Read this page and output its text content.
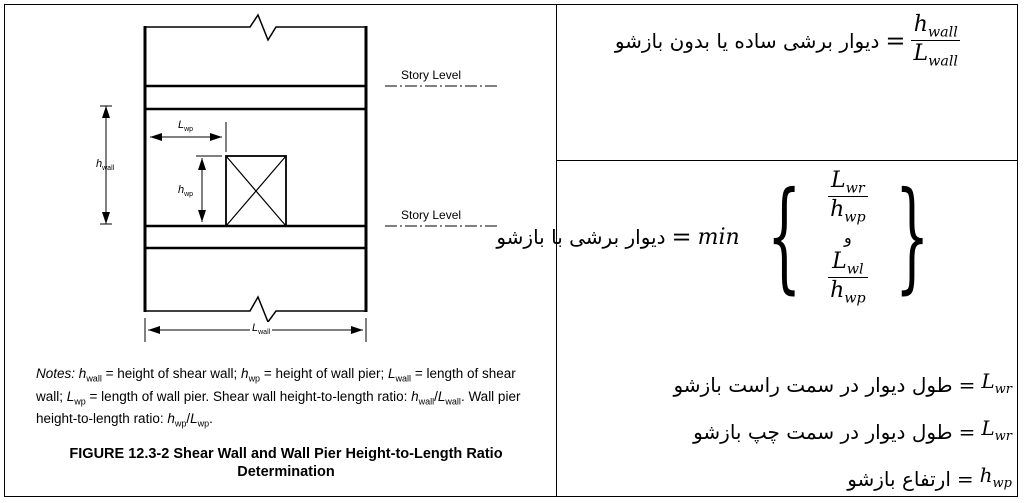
Story Level
Story Level
$h_{wall}$
$L_{wp}$
$h_{wp}$
$L_{wall}$
Notes: $h_{wall}$ = height of shear wall; $h_{wp}$ = height of wall pier; $L_{wall}$ = length of shear wall; $L_{wp}$ = length of wall pier. Shear wall height-to-length ratio: $h_{wall}/L_{wall}$. Wall pier height-to-length ratio: $h_{wp}/L_{wp}$.
FIGURE 12.3-2 Shear Wall and Wall Pier Height-to-Length Ratio
Determination
دیوار برشی ساده یا بدون بازشو = $\frac{h_{wall}}{L_{wall}}$
دیوار برشی با بازشو = min { $\frac{L_{wr}}{h_{wp}}$
و
$\frac{L_{wl}}{h_{wp}}$ }
طول دیوار در سمت راست بازشو = $L_{wr}$
طول دیوار در سمت چپ بازشو = $L_{wr}$
ارتفاع بازشو = $h_{wp}$
